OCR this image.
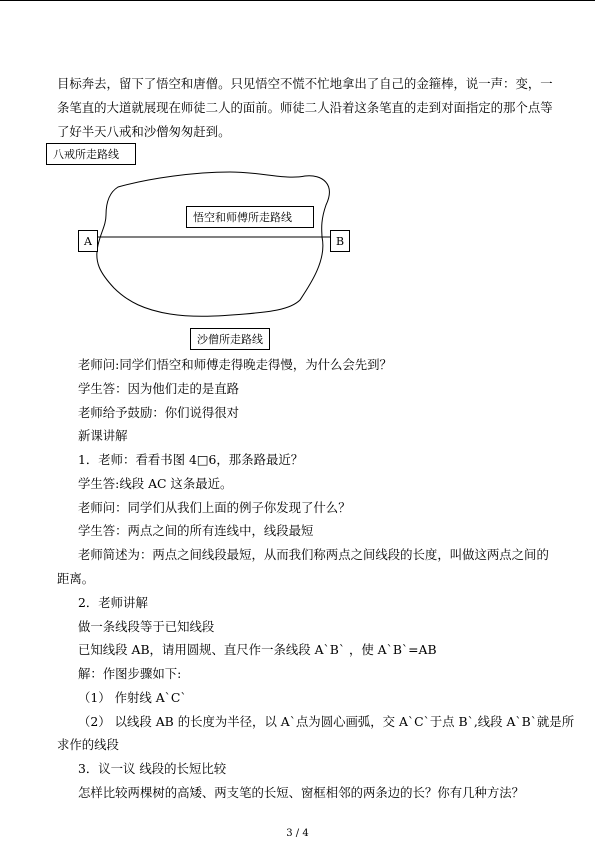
目标奔去，留下了悟空和唐僧。只见悟空不慌不忙地拿出了自己的金箍棒，说一声：变，一
条笔直的大道就展现在师徒二人的面前。师徒二人沿着这条笔直的走到对面指定的那个点等
了好半天八戒和沙僧匆匆赶到。
八戒所走路线
悟空和师傅所走路线
A	B
沙僧所走路线
老师问:同学们悟空和师傅走得晚走得慢，为什么会先到？
学生答：因为他们走的是直路
老师给予鼓励：你们说得很对
新课讲解
1．老师：看看书图 4□6，那条路最近？
学生答:线段 AC 这条最近。
老师问：同学们从我们上面的例子你发现了什么？
学生答：两点之间的所有连线中，线段最短
老师简述为：两点之间线段最短，从而我们称两点之间线段的长度，叫做这两点之间的
距离。
2．老师讲解
做一条线段等于已知线段
已知线段 AB，请用圆规、直尺作一条线段 A`B` ，使 A`B`=AB
解：作图步骤如下:
（1） 作射线 A`C`
（2） 以线段 AB 的长度为半径，以 A`点为圆心画弧，交 A`C`于点 B`,线段 A`B`就是所
求作的线段
3．议一议 线段的长短比较
怎样比较两棵树的高矮、两支笔的长短、窗框相邻的两条边的长？你有几种方法？
3 / 4
